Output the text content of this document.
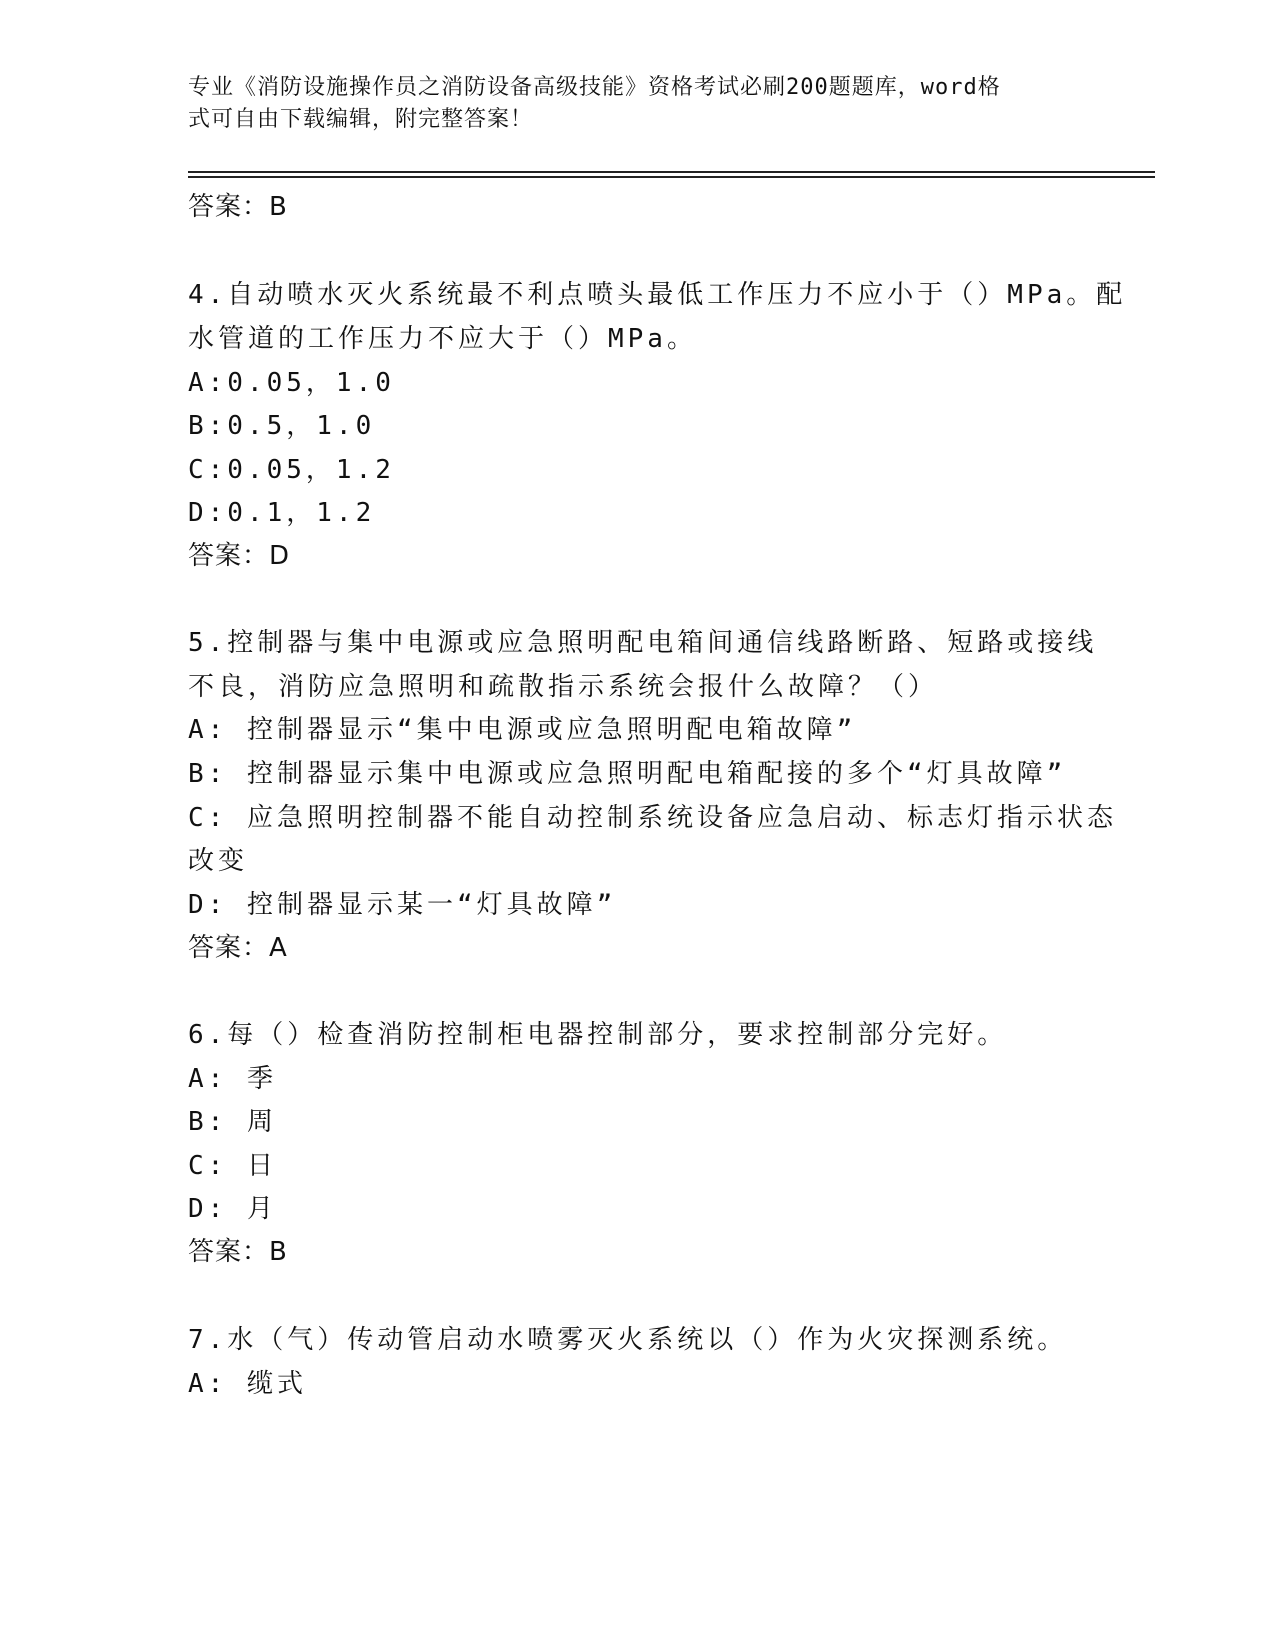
专业《消防设施操作员之消防设备高级技能》资格考试必刷200题题库，word格
式可自由下载编辑，附完整答案！
答案：B
4.自动喷水灭火系统最不利点喷头最低工作压力不应小于（）MPa。配
水管道的工作压力不应大于（）MPa。
A:0.05，1.0
B:0.5，1.0
C:0.05，1.2
D:0.1，1.2
答案：D
5.控制器与集中电源或应急照明配电箱间通信线路断路、短路或接线
不良，消防应急照明和疏散指示系统会报什么故障？（）
A: 控制器显示“集中电源或应急照明配电箱故障”
B: 控制器显示集中电源或应急照明配电箱配接的多个“灯具故障”
C: 应急照明控制器不能自动控制系统设备应急启动、标志灯指示状态
改变
D: 控制器显示某一“灯具故障”
答案：A
6.每（）检查消防控制柜电器控制部分，要求控制部分完好。
A: 季
B: 周
C: 日
D: 月
答案：B
7.水（气）传动管启动水喷雾灭火系统以（）作为火灾探测系统。
A: 缆式
